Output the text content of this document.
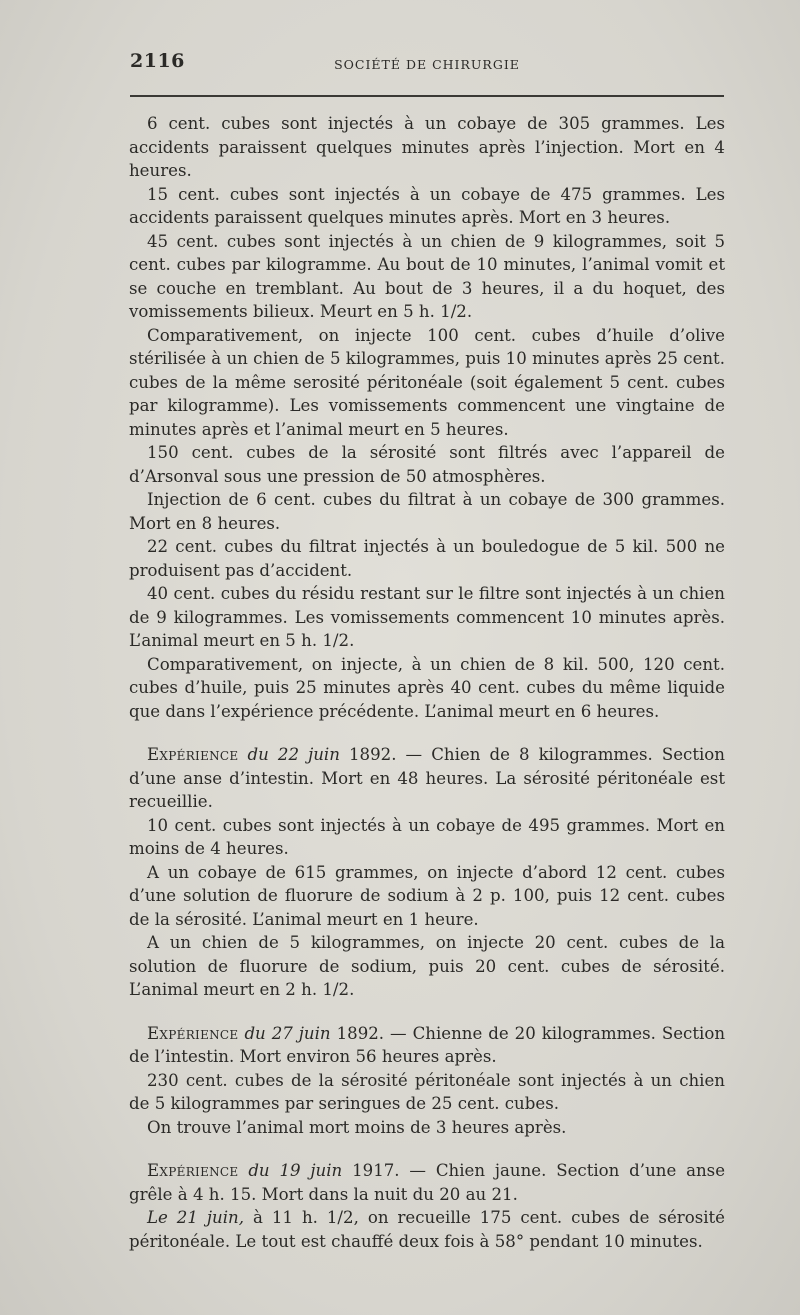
2116	SOCIÉTÉ DE CHIRURGIE

6 cent. cubes sont injectés à un cobaye de 305 grammes. Les accidents paraissent quelques minutes après l’injection. Mort en 4 heures.

15 cent. cubes sont injectés à un cobaye de 475 grammes. Les accidents paraissent quelques minutes après. Mort en 3 heures.

45 cent. cubes sont injectés à un chien de 9 kilogrammes, soit 5 cent. cubes par kilogramme. Au bout de 10 minutes, l’animal vomit et se couche en tremblant. Au bout de 3 heures, il a du hoquet, des vomissements bilieux. Meurt en 5 h. 1/2.

Comparativement, on injecte 100 cent. cubes d’huile d’olive stérilisée à un chien de 5 kilogrammes, puis 10 minutes après 25 cent. cubes de la même serosité péritonéale (soit également 5 cent. cubes par kilogramme). Les vomissements commencent une vingtaine de minutes après et l’animal meurt en 5 heures.

150 cent. cubes de la sérosité sont filtrés avec l’appareil de d’Arsonval sous une pression de 50 atmosphères.

Injection de 6 cent. cubes du filtrat à un cobaye de 300 grammes. Mort en 8 heures.

22 cent. cubes du filtrat injectés à un bouledogue de 5 kil. 500 ne produisent pas d’accident.

40 cent. cubes du résidu restant sur le filtre sont injectés à un chien de 9 kilogrammes. Les vomissements commencent 10 minutes après. L’animal meurt en 5 h. 1/2.

Comparativement, on injecte, à un chien de 8 kil. 500, 120 cent. cubes d’huile, puis 25 minutes après 40 cent. cubes du même liquide que dans l’expérience précédente. L’animal meurt en 6 heures.

Expérience du 22 juin 1892. — Chien de 8 kilogrammes. Section d’une anse d’intestin. Mort en 48 heures. La sérosité péritonéale est recueillie.

10 cent. cubes sont injectés à un cobaye de 495 grammes. Mort en moins de 4 heures.

A un cobaye de 615 grammes, on injecte d’abord 12 cent. cubes d’une solution de fluorure de sodium à 2 p. 100, puis 12 cent. cubes de la sérosité. L’animal meurt en 1 heure.

A un chien de 5 kilogrammes, on injecte 20 cent. cubes de la solution de fluorure de sodium, puis 20 cent. cubes de sérosité. L’animal meurt en 2 h. 1/2.

Expérience du 27 juin 1892. — Chienne de 20 kilogrammes. Section de l’intestin. Mort environ 56 heures après.

230 cent. cubes de la sérosité péritonéale sont injectés à un chien de 5 kilogrammes par seringues de 25 cent. cubes.

On trouve l’animal mort moins de 3 heures après.

Expérience du 19 juin 1917. — Chien jaune. Section d’une anse grêle à 4 h. 15. Mort dans la nuit du 20 au 21.

Le 21 juin, à 11 h. 1/2, on recueille 175 cent. cubes de sérosité péritonéale. Le tout est chauffé deux fois à 58° pendant 10 minutes.
